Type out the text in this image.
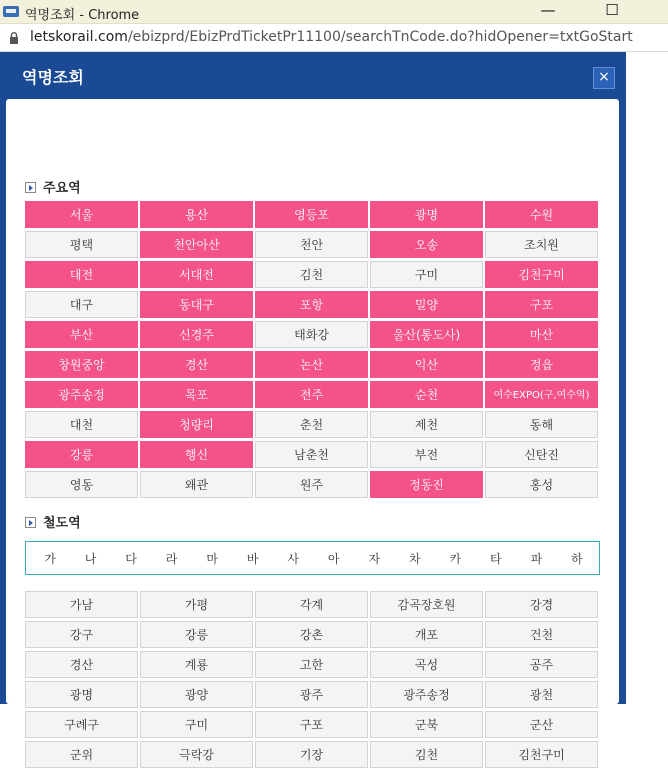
역명조회 - Chrome	—	☐
letskorail.com/ebizprd/EbizPrdTicketPr11100/searchTnCode.do?hidOpener=txtGoStart
역명조회	×
주요역
서울	용산	영등포	광명	수원
평택	천안아산	천안	오송	조치원
대전	서대전	김천	구미	김천구미
대구	동대구	포항	밀양	구포
부산	신경주	태화강	울산(통도사)	마산
창원중앙	경산	논산	익산	정읍
광주송정	목포	전주	순천	여수EXPO(구,여수역)
대천	청량리	춘천	제천	동해
강릉	행신	남춘천	부전	신탄진
영동	왜관	원주	정동진	홍성
철도역
가 나 다 라 마 바 사 아 자 차 카 타 파 하
가남	가평	각계	감곡장호원	강경
강구	강릉	강촌	개포	건천
경산	계룡	고한	곡성	공주
광명	광양	광주	광주송정	광천
구례구	구미	구포	군북	군산
군위	극락강	기장	김천	김천구미
